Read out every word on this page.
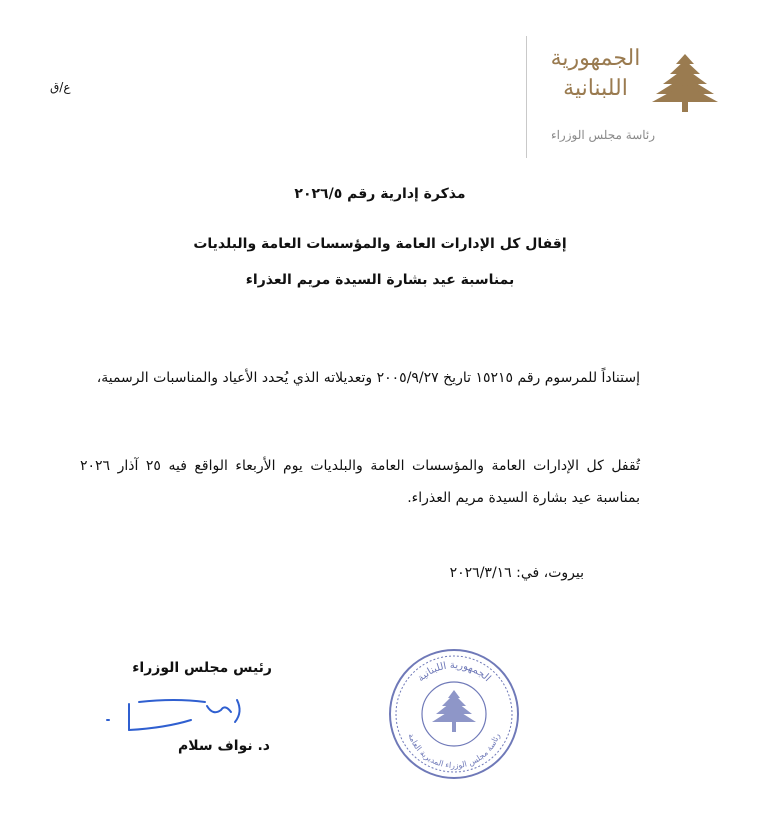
ع/ق
الجمهورية
اللبنانية
رئاسة مجلس الوزراء
مذكرة إدارية رقم ٢٠٢٦/٥
إقفال كل الإدارات العامة والمؤسسات العامة والبلديات
بمناسبة عيد بشارة السيدة مريم العذراء
إستناداً للمرسوم رقم ١٥٢١٥ تاريخ ٢٠٠٥/٩/٢٧ وتعديلاته الذي يُحدد الأعياد والمناسبات الرسمية،
تُقفل كل الإدارات العامة والمؤسسات العامة والبلديات يوم الأربعاء الواقع فيه ٢٥ آذار ٢٠٢٦ بمناسبة عيد بشارة السيدة مريم العذراء.
بيروت، في: ٢٠٢٦/٣/١٦
رئيس مجلس الوزراء
د. نواف سلام
الجمهورية اللبنانية
رئاسة مجلس الوزراء المديرية العامة
